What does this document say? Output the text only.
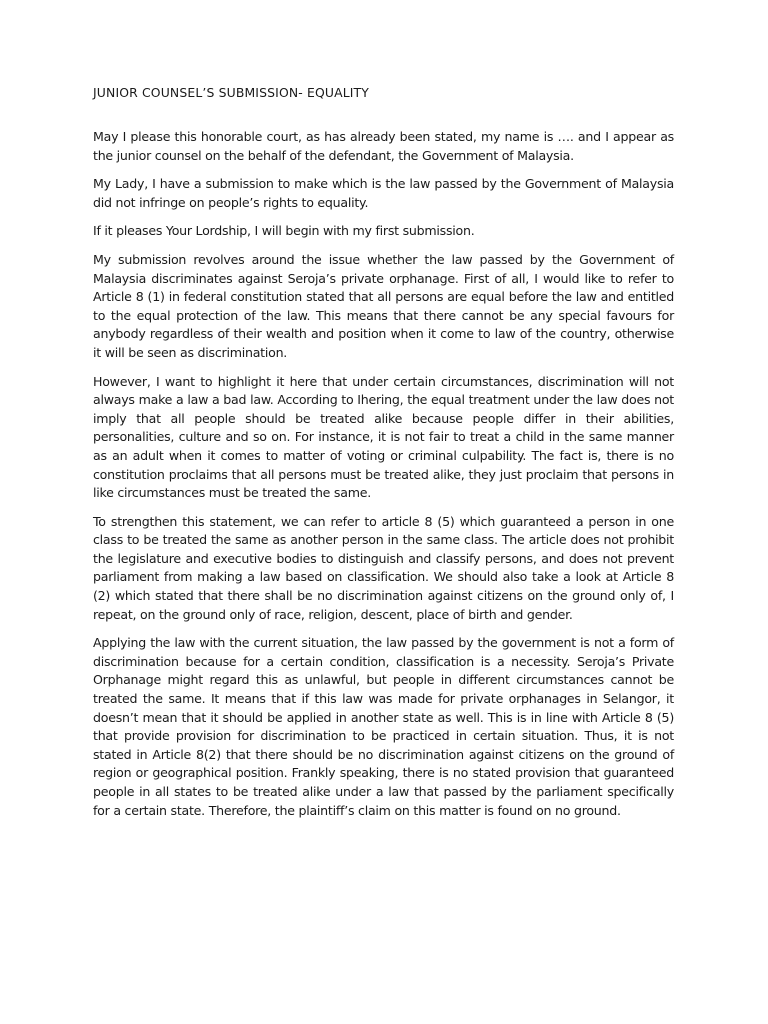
JUNIOR COUNSEL’S SUBMISSION- EQUALITY

May I please this honorable court, as has already been stated, my name is …. and I appear as the junior counsel on the behalf of the defendant, the Government of Malaysia.

My Lady, I have a submission to make which is the law passed by the Government of Malaysia did not infringe on people’s rights to equality.

If it pleases Your Lordship, I will begin with my first submission.

My submission revolves around the issue whether the law passed by the Government of Malaysia discriminates against Seroja’s private orphanage. First of all, I would like to refer to Article 8 (1) in federal constitution stated that all persons are equal before the law and entitled to the equal protection of the law. This means that there cannot be any special favours for anybody regardless of their wealth and position when it come to law of the country, otherwise it will be seen as discrimination.

However, I want to highlight it here that under certain circumstances, discrimination will not always make a law a bad law. According to Ihering, the equal treatment under the law does not imply that all people should be treated alike because people differ in their abilities, personalities, culture and so on. For instance, it is not fair to treat a child in the same manner as an adult when it comes to matter of voting or criminal culpability. The fact is, there is no constitution proclaims that all persons must be treated alike, they just proclaim that persons in like circumstances must be treated the same.

To strengthen this statement, we can refer to article 8 (5) which guaranteed a person in one class to be treated the same as another person in the same class. The article does not prohibit the legislature and executive bodies to distinguish and classify persons, and does not prevent parliament from making a law based on classification. We should also take a look at Article 8 (2) which stated that there shall be no discrimination against citizens on the ground only of, I repeat, on the ground only of race, religion, descent, place of birth and gender.

Applying the law with the current situation, the law passed by the government is not a form of discrimination because for a certain condition, classification is a necessity. Seroja’s Private Orphanage might regard this as unlawful, but people in different circumstances cannot be treated the same. It means that if this law was made for private orphanages in Selangor, it doesn’t mean that it should be applied in another state as well. This is in line with Article 8 (5) that provide provision for discrimination to be practiced in certain situation. Thus, it is not stated in Article 8(2) that there should be no discrimination against citizens on the ground of region or geographical position. Frankly speaking, there is no stated provision that guaranteed people in all states to be treated alike under a law that passed by the parliament specifically for a certain state. Therefore, the plaintiff’s claim on this matter is found on no ground.
